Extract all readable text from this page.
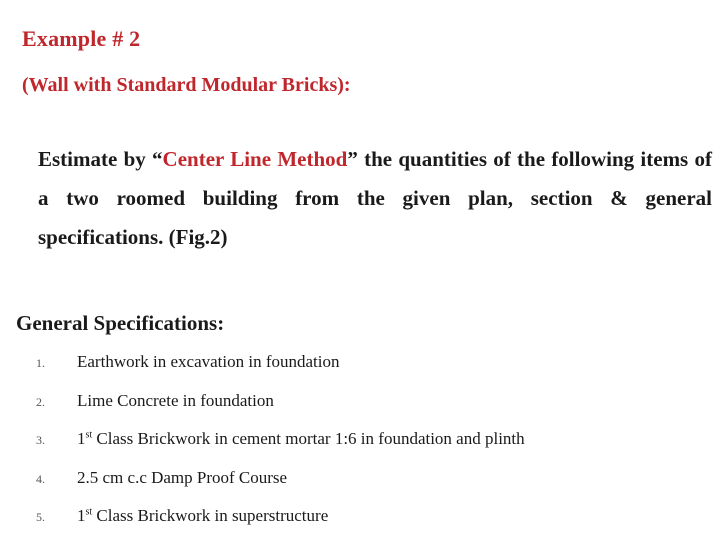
Example # 2
(Wall with Standard Modular Bricks):

Estimate by “Center Line Method” the quantities of the following items of a two roomed building from the given plan, section & general specifications. (Fig.2)

General Specifications:
1.	Earthwork in excavation in foundation
2.	Lime Concrete in foundation
3.	1st Class Brickwork in cement mortar 1:6 in foundation and plinth
4.	2.5 cm c.c Damp Proof Course
5.	1st Class Brickwork in superstructure
